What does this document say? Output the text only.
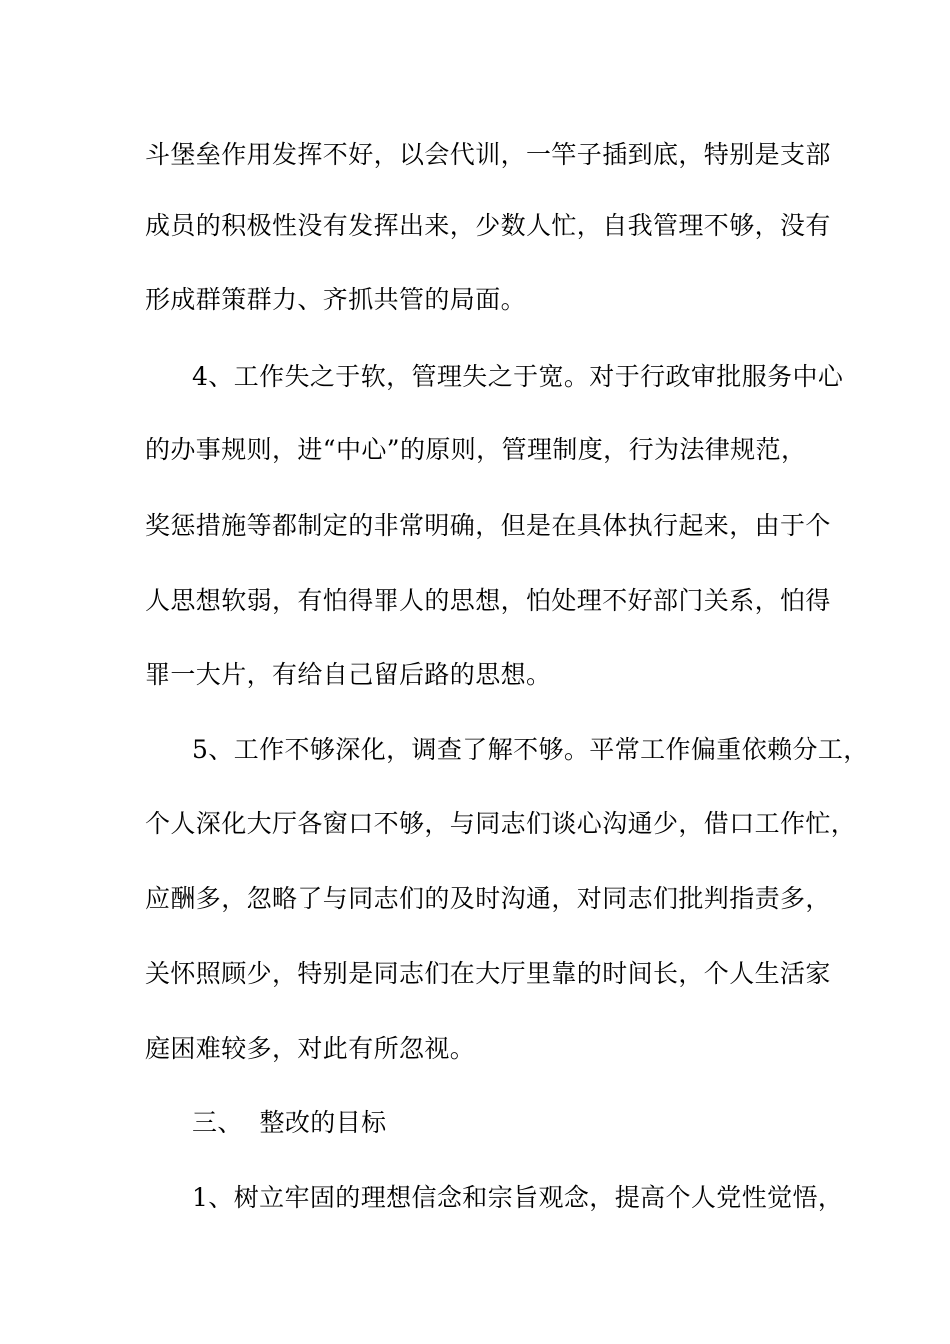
斗堡垒作用发挥不好，以会代训，一竿子插到底，特别是支部
成员的积极性没有发挥出来，少数人忙，自我管理不够，没有
形成群策群力、齐抓共管的局面。
4、工作失之于软，管理失之于宽。对于行政审批服务中心
的办事规则，进“中心”的原则，管理制度，行为法律规范，
奖惩措施等都制定的非常明确，但是在具体执行起来，由于个
人思想软弱，有怕得罪人的思想，怕处理不好部门关系，怕得
罪一大片，有给自己留后路的思想。
5、工作不够深化，调查了解不够。平常工作偏重依赖分工，
个人深化大厅各窗口不够，与同志们谈心沟通少，借口工作忙，
应酬多，忽略了与同志们的及时沟通，对同志们批判指责多，
关怀照顾少，特别是同志们在大厅里靠的时间长，个人生活家
庭困难较多，对此有所忽视。
三、  整改的目标
1、树立牢固的理想信念和宗旨观念，提高个人党性觉悟，
